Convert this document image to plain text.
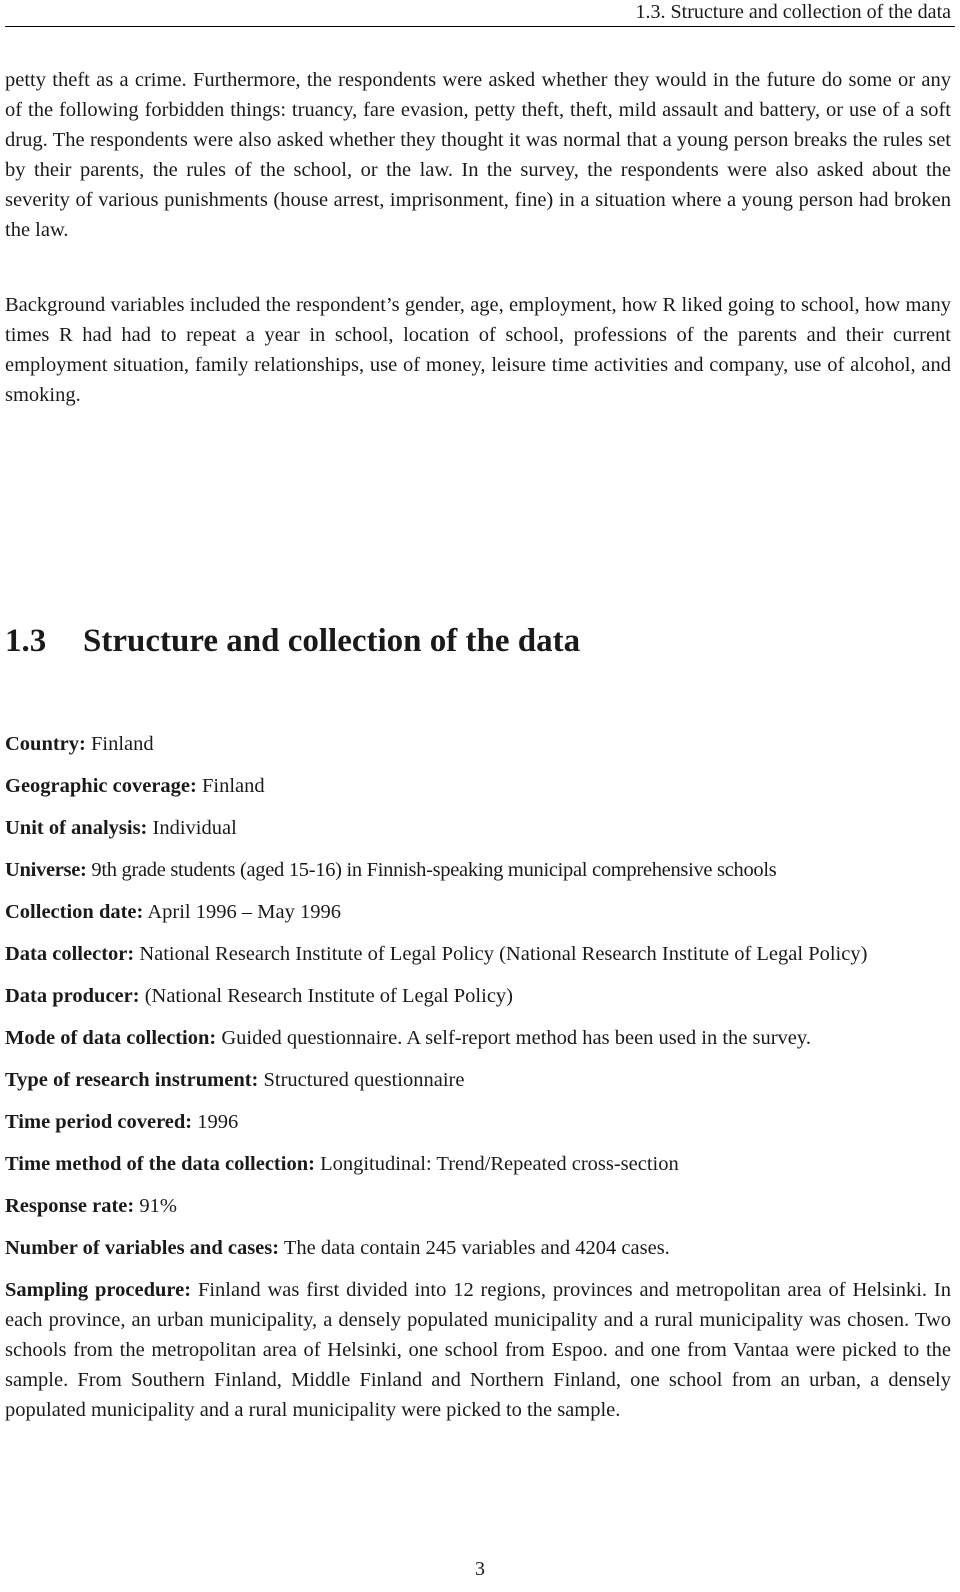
1.3. Structure and collection of the data

petty theft as a crime. Furthermore, the respondents were asked whether they would in the future do some or any of the following forbidden things: truancy, fare evasion, petty theft, theft, mild assault and battery, or use of a soft drug. The respondents were also asked whether they thought it was normal that a young person breaks the rules set by their parents, the rules of the school, or the law. In the survey, the respondents were also asked about the severity of various punishments (house arrest, imprisonment, fine) in a situation where a young person had broken the law.

Background variables included the respondent’s gender, age, employment, how R liked going to school, how many times R had had to repeat a year in school, location of school, professions of the parents and their current employment situation, family relationships, use of money, leisure time activities and company, use of alcohol, and smoking.

1.3 Structure and collection of the data
Country: Finland
Geographic coverage: Finland
Unit of analysis: Individual
Universe: 9th grade students (aged 15-16) in Finnish-speaking municipal comprehensive schools
Collection date: April 1996 – May 1996
Data collector: National Research Institute of Legal Policy (National Research Institute of Legal Policy)
Data producer: (National Research Institute of Legal Policy)
Mode of data collection: Guided questionnaire. A self-report method has been used in the survey.
Type of research instrument: Structured questionnaire
Time period covered: 1996
Time method of the data collection: Longitudinal: Trend/Repeated cross-section
Response rate: 91%
Number of variables and cases: The data contain 245 variables and 4204 cases.
Sampling procedure: Finland was first divided into 12 regions, provinces and metropolitan area of Helsinki. In each province, an urban municipality, a densely populated municipality and a rural municipality was chosen. Two schools from the metropolitan area of Helsinki, one school from Espoo. and one from Vantaa were picked to the sample. From Southern Finland, Middle Finland and Northern Finland, one school from an urban, a densely populated municipality and a rural municipality were picked to the sample.
3
